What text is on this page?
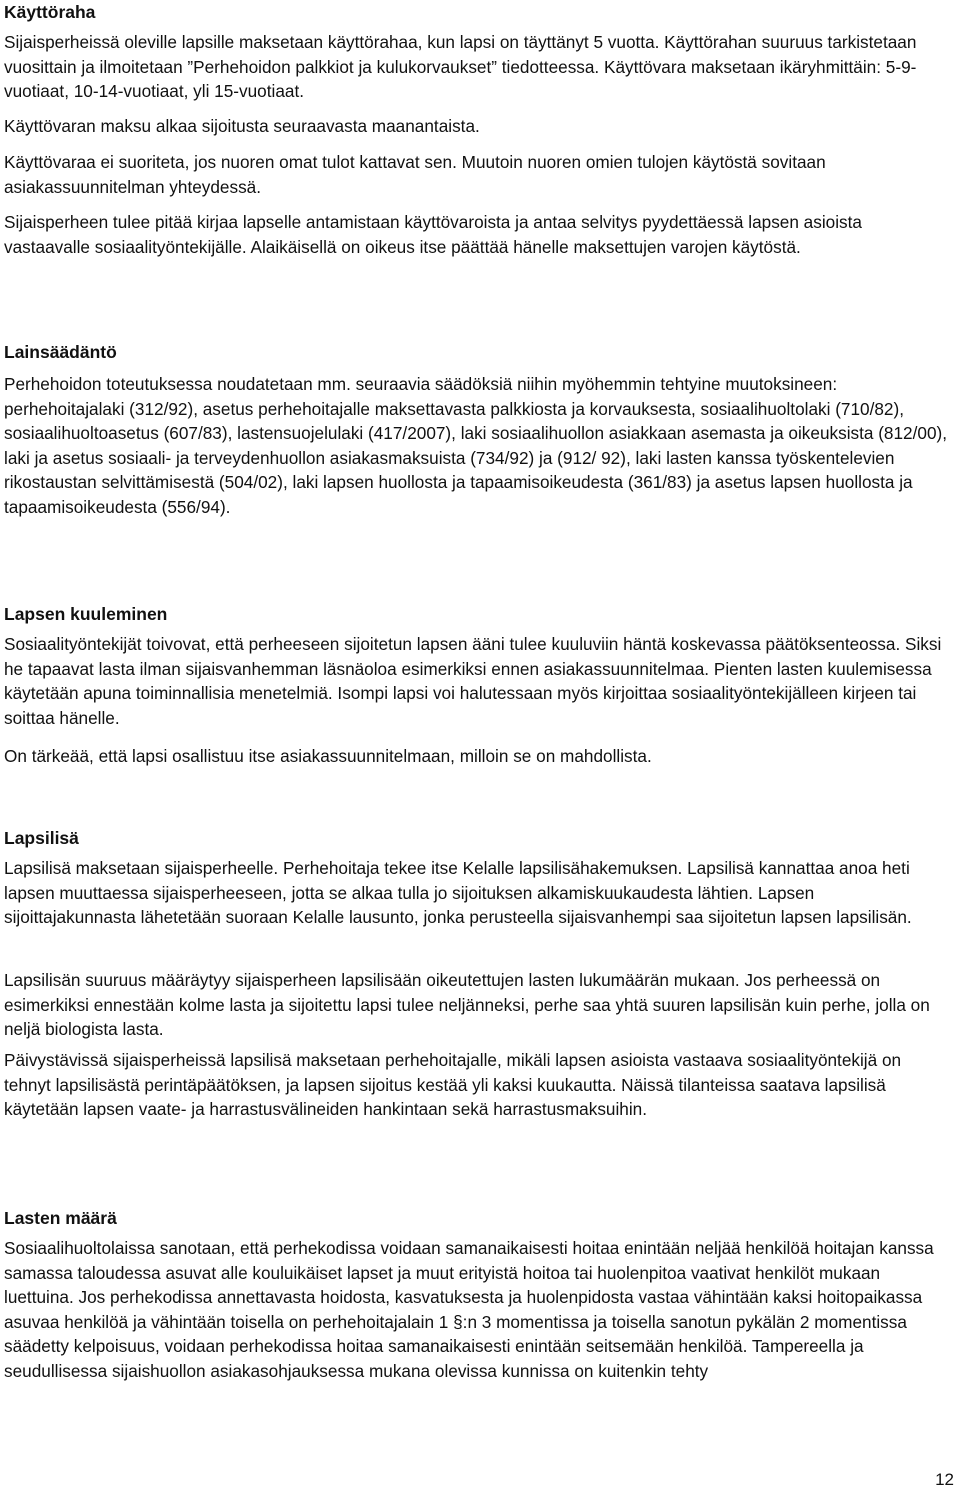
Käyttöraha

Sijaisperheissä oleville lapsille maksetaan käyttörahaa, kun lapsi on täyttänyt 5 vuotta. Käyttörahan suuruus tarkistetaan vuosittain ja ilmoitetaan ”Perhehoidon palkkiot ja kulukorvaukset” tiedotteessa. Käyttövara maksetaan ikäryhmittäin: 5-9-vuotiaat, 10-14-vuotiaat, yli 15-vuotiaat.

Käyttövaran maksu alkaa sijoitusta seuraavasta maanantaista.

Käyttövaraa ei suoriteta, jos nuoren omat tulot kattavat sen. Muutoin nuoren omien tulojen käytöstä sovitaan asiakassuunnitelman yhteydessä.

Sijaisperheen tulee pitää kirjaa lapselle antamistaan käyttövaroista ja antaa selvitys pyydettäessä lapsen asioista vastaavalle sosiaalityöntekijälle. Alaikäisellä on oikeus itse päättää hänelle maksettujen varojen käytöstä.

Lainsäädäntö

Perhehoidon toteutuksessa noudatetaan mm. seuraavia säädöksiä niihin myöhemmin tehtyine muutoksineen: perhehoitajalaki (312/92), asetus perhehoitajalle maksettavasta palkkiosta ja korvauksesta, sosiaalihuoltolaki (710/82), sosiaalihuoltoasetus (607/83), lastensuojelulaki (417/2007), laki sosiaalihuollon asiakkaan asemasta ja oikeuksista (812/00), laki ja asetus sosiaali- ja terveydenhuollon asiakasmaksuista (734/92) ja (912/ 92), laki lasten kanssa työskentelevien rikostaustan selvittämisestä (504/02), laki lapsen huollosta ja tapaamisoikeudesta (361/83) ja asetus lapsen huollosta ja tapaamisoikeudesta (556/94).

Lapsen kuuleminen

Sosiaalityöntekijät toivovat, että perheeseen sijoitetun lapsen ääni tulee kuuluviin häntä koskevassa päätöksenteossa. Siksi he tapaavat lasta ilman sijaisvanhemman läsnäoloa esimerkiksi ennen asiakassuunnitelmaa. Pienten lasten kuulemisessa käytetään apuna toiminnallisia menetelmiä. Isompi lapsi voi halutessaan myös kirjoittaa sosiaalityöntekijälleen kirjeen tai soittaa hänelle.

On tärkeää, että lapsi osallistuu itse asiakassuunnitelmaan, milloin se on mahdollista.

Lapsilisä

Lapsilisä maksetaan sijaisperheelle. Perhehoitaja tekee itse Kelalle lapsilisähakemuksen. Lapsilisä kannattaa anoa heti lapsen muuttaessa sijaisperheeseen, jotta se alkaa tulla jo sijoituksen alkamiskuukaudesta lähtien. Lapsen sijoittajakunnasta lähetetään suoraan Kelalle lausunto, jonka perusteella sijaisvanhempi saa sijoitetun lapsen lapsilisän.

Lapsilisän suuruus määräytyy sijaisperheen lapsilisään oikeutettujen lasten lukumäärän mukaan. Jos perheessä on esimerkiksi ennestään kolme lasta ja sijoitettu lapsi tulee neljänneksi, perhe saa yhtä suuren lapsilisän kuin perhe, jolla on neljä biologista lasta.

Päivystävissä sijaisperheissä lapsilisä maksetaan perhehoitajalle, mikäli lapsen asioista vastaava sosiaalityöntekijä on tehnyt lapsilisästä perintäpäätöksen, ja lapsen sijoitus kestää yli kaksi kuukautta. Näissä tilanteissa saatava lapsilisä käytetään lapsen vaate- ja harrastusvälineiden hankintaan sekä harrastusmaksuihin.

Lasten määrä

Sosiaalihuoltolaissa sanotaan, että perhekodissa voidaan samanaikaisesti hoitaa enintään neljää henkilöä hoitajan kanssa samassa taloudessa asuvat alle kouluikäiset lapset ja muut erityistä hoitoa tai huolenpitoa vaativat henkilöt mukaan luettuina. Jos perhekodissa annettavasta hoidosta, kasvatuksesta ja huolenpidosta vastaa vähintään kaksi hoitopaikassa asuvaa henkilöä ja vähintään toisella on perhehoitajalain 1 §:n 3 momentissa ja toisella sanotun pykälän 2 momentissa säädetty kelpoisuus, voidaan perhekodissa hoitaa samanaikaisesti enintään seitsemään henkilöä. Tampereella ja seudullisessa sijaishuollon asiakasohjauksessa mukana olevissa kunnissa on kuitenkin tehty

12
